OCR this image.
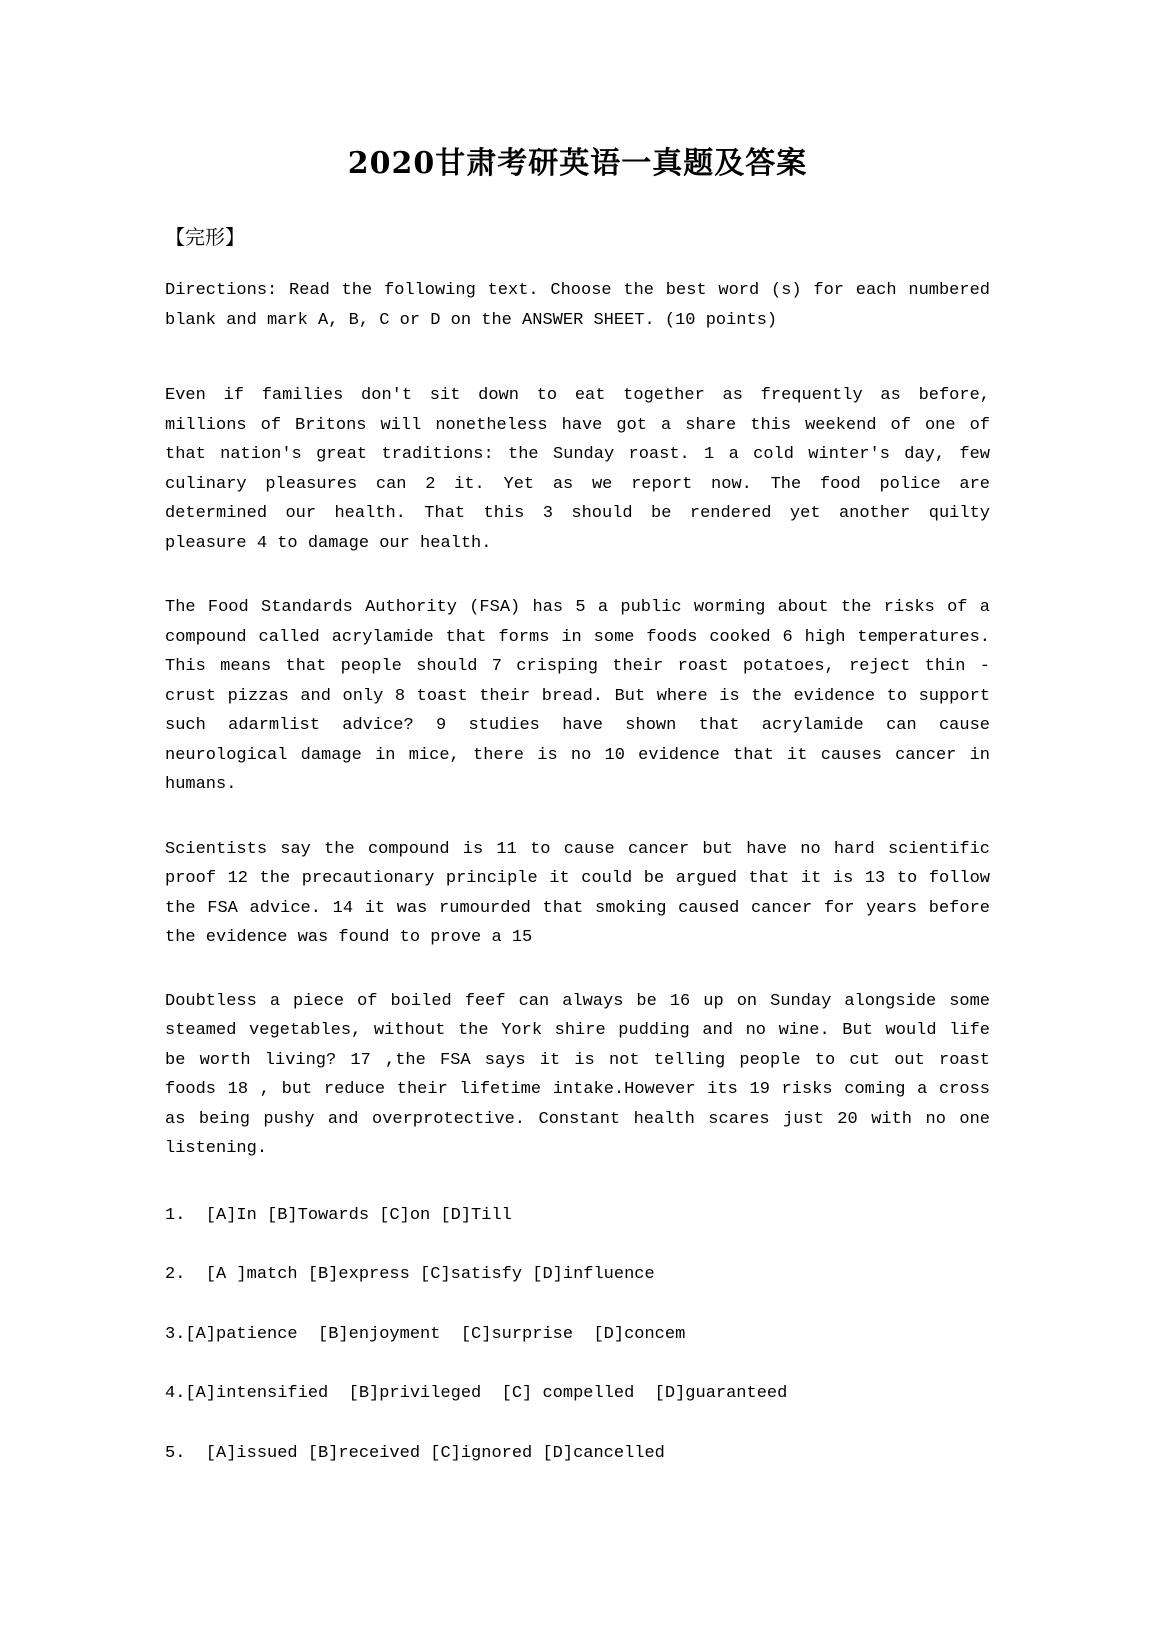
2020甘肃考研英语一真题及答案
【完形】
Directions: Read the following text. Choose the best word (s) for each numbered
blank and mark A, B, C or D on the ANSWER SHEET. (10 points)
Even if families don't sit down to eat together as frequently as before,
millions of Britons will nonetheless have got a share this weekend of one of
that nation's great traditions: the Sunday roast. 1 a cold winter's day, few
culinary pleasures can 2 it. Yet as we report now. The food police are
determined our health. That this 3 should be rendered yet another quilty
pleasure 4 to damage our health.
The Food Standards Authority (FSA) has 5 a public worming about the risks of a
compound called acrylamide that forms in some foods cooked 6 high temperatures.
This means that people should 7 crisping their roast potatoes, reject thin -
crust pizzas and only 8 toast their bread. But where is the evidence to support
such adarmlist advice? 9 studies have shown that acrylamide can cause
neurological damage in mice, there is no 10 evidence that it causes cancer in
humans.
Scientists say the compound is 11 to cause cancer but have no hard scientific
proof 12 the precautionary principle it could be argued that it is 13 to follow
the FSA advice. 14 it was rumourded that smoking caused cancer for years before
the evidence was found to prove a 15
Doubtless a piece of boiled feef can always be 16 up on Sunday alongside some
steamed vegetables, without the York shire pudding and no wine. But would life
be worth living? 17 ,the FSA says it is not telling people to cut out roast
foods 18 , but reduce their lifetime intake.However its 19 risks coming a cross
as being pushy and overprotective. Constant health scares just 20 with no one
listening.
1.  [A]In [B]Towards [C]on [D]Till
2.  [A ]match [B]express [C]satisfy [D]influence
3.[A]patience  [B]enjoyment  [C]surprise  [D]concem
4.[A]intensified  [B]privileged  [C] compelled  [D]guaranteed
5.  [A]issued [B]received [C]ignored [D]cancelled
